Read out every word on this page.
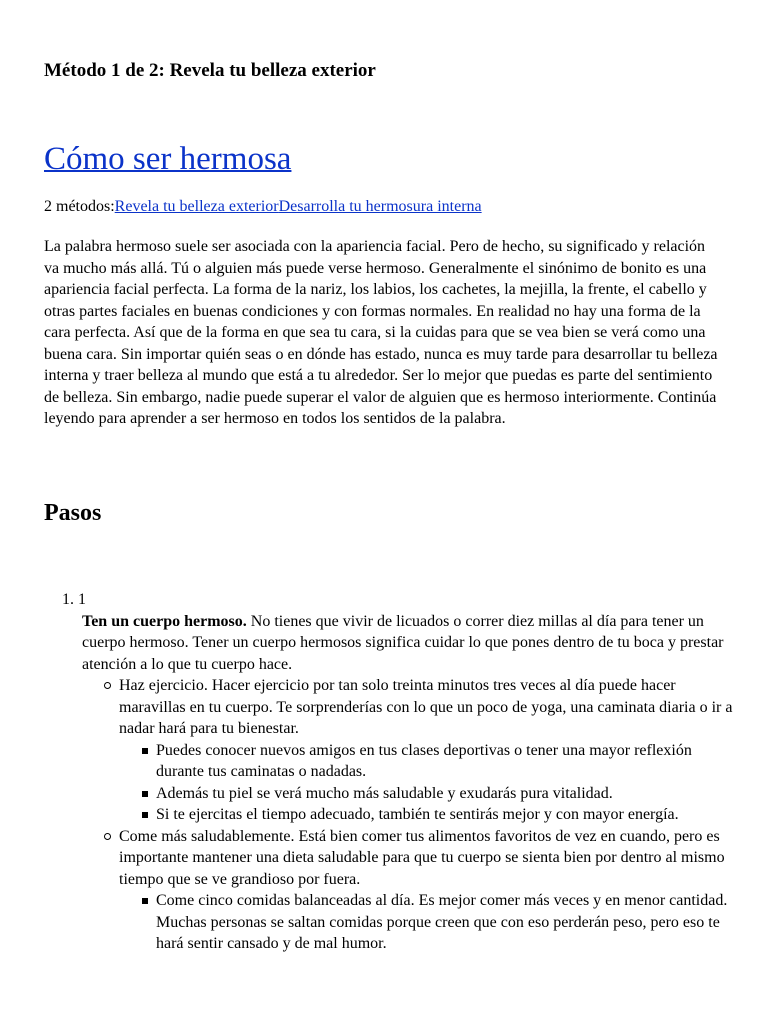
Método 1 de 2: Revela tu belleza exterior
Cómo ser hermosa

2 métodos:Revela tu belleza exteriorDesarrolla tu hermosura interna

La palabra hermoso suele ser asociada con la apariencia facial. Pero de hecho, su significado y relación va mucho más allá. Tú o alguien más puede verse hermoso. Generalmente el sinónimo de bonito es una apariencia facial perfecta. La forma de la nariz, los labios, los cachetes, la mejilla, la frente, el cabello y otras partes faciales en buenas condiciones y con formas normales. En realidad no hay una forma de la cara perfecta. Así que de la forma en que sea tu cara, si la cuidas para que se vea bien se verá como una buena cara. Sin importar quién seas o en dónde has estado, nunca es muy tarde para desarrollar tu belleza interna y traer belleza al mundo que está a tu alrededor. Ser lo mejor que puedas es parte del sentimiento de belleza. Sin embargo, nadie puede superar el valor de alguien que es hermoso interiormente. Continúa leyendo para aprender a ser hermoso en todos los sentidos de la palabra.

Pasos
1. 1
Ten un cuerpo hermoso. No tienes que vivir de licuados o correr diez millas al día para tener un cuerpo hermoso. Tener un cuerpo hermosos significa cuidar lo que pones dentro de tu boca y prestar atención a lo que tu cuerpo hace.
Haz ejercicio. Hacer ejercicio por tan solo treinta minutos tres veces al día puede hacer maravillas en tu cuerpo. Te sorprenderías con lo que un poco de yoga, una caminata diaria o ir a nadar hará para tu bienestar.
Puedes conocer nuevos amigos en tus clases deportivas o tener una mayor reflexión durante tus caminatas o nadadas.
Además tu piel se verá mucho más saludable y exudarás pura vitalidad.
Si te ejercitas el tiempo adecuado, también te sentirás mejor y con mayor energía.
Come más saludablemente. Está bien comer tus alimentos favoritos de vez en cuando, pero es importante mantener una dieta saludable para que tu cuerpo se sienta bien por dentro al mismo tiempo que se ve grandioso por fuera.
Come cinco comidas balanceadas al día. Es mejor comer más veces y en menor cantidad. Muchas personas se saltan comidas porque creen que con eso perderán peso, pero eso te hará sentir cansado y de mal humor.
